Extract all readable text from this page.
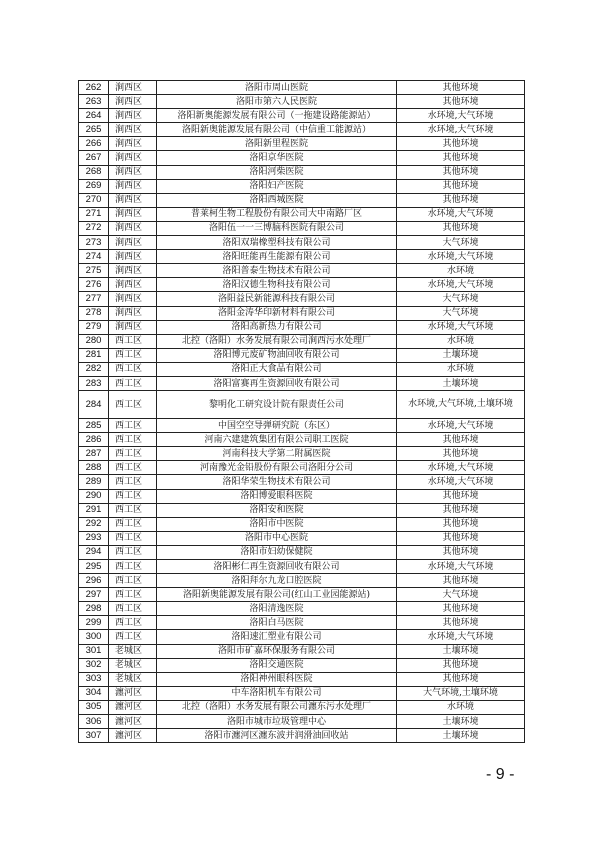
262	涧西区	洛阳市周山医院	其他环境
263	涧西区	洛阳市第六人民医院	其他环境
264	涧西区	洛阳新奥能源发展有限公司（一拖建设路能源站）	水环境,大气环境
265	涧西区	洛阳新奥能源发展有限公司（中信重工能源站）	水环境,大气环境
266	涧西区	洛阳新里程医院	其他环境
267	涧西区	洛阳京华医院	其他环境
268	涧西区	洛阳河柴医院	其他环境
269	涧西区	洛阳妇产医院	其他环境
270	涧西区	洛阳西城医院	其他环境
271	涧西区	普莱柯生物工程股份有限公司大中南路厂区	水环境,大气环境
272	涧西区	洛阳伍一一三博脑科医院有限公司	其他环境
273	涧西区	洛阳双瑞橡塑科技有限公司	大气环境
274	涧西区	洛阳旺能再生能源有限公司	水环境,大气环境
275	涧西区	洛阳普泰生物技术有限公司	水环境
276	涧西区	洛阳汉德生物科技有限公司	水环境,大气环境
277	涧西区	洛阳益民新能源科技有限公司	大气环境
278	涧西区	洛阳金涛华印新材料有限公司	大气环境
279	涧西区	洛阳高新热力有限公司	水环境,大气环境
280	西工区	北控（洛阳）水务发展有限公司涧西污水处理厂	水环境
281	西工区	洛阳博元废矿物油回收有限公司	土壤环境
282	西工区	洛阳正大食品有限公司	水环境
283	西工区	洛阳富赛再生资源回收有限公司	土壤环境
284	西工区	黎明化工研究设计院有限责任公司	水环境,大气环境,土壤环境
285	西工区	中国空空导弹研究院（东区）	水环境,大气环境
286	西工区	河南六建建筑集团有限公司职工医院	其他环境
287	西工区	河南科技大学第二附属医院	其他环境
288	西工区	河南豫光金铅股份有限公司洛阳分公司	水环境,大气环境
289	西工区	洛阳华荣生物技术有限公司	水环境,大气环境
290	西工区	洛阳博爱眼科医院	其他环境
291	西工区	洛阳安和医院	其他环境
292	西工区	洛阳市中医院	其他环境
293	西工区	洛阳市中心医院	其他环境
294	西工区	洛阳市妇幼保健院	其他环境
295	西工区	洛阳彬仁再生资源回收有限公司	水环境,大气环境
296	西工区	洛阳拜尔九龙口腔医院	其他环境
297	西工区	洛阳新奥能源发展有限公司(红山工业园能源站)	大气环境
298	西工区	洛阳清逸医院	其他环境
299	西工区	洛阳白马医院	其他环境
300	西工区	洛阳速汇塑业有限公司	水环境,大气环境
301	老城区	洛阳市矿嘉环保服务有限公司	土壤环境
302	老城区	洛阳交通医院	其他环境
303	老城区	洛阳神州眼科医院	其他环境
304	瀍河区	中车洛阳机车有限公司	大气环境,土壤环境
305	瀍河区	北控（洛阳）水务发展有限公司瀍东污水处理厂	水环境
306	瀍河区	洛阳市城市垃圾管理中心	土壤环境
307	瀍河区	洛阳市瀍河区瀍东波并润滑油回收站	土壤环境
- 9 -
